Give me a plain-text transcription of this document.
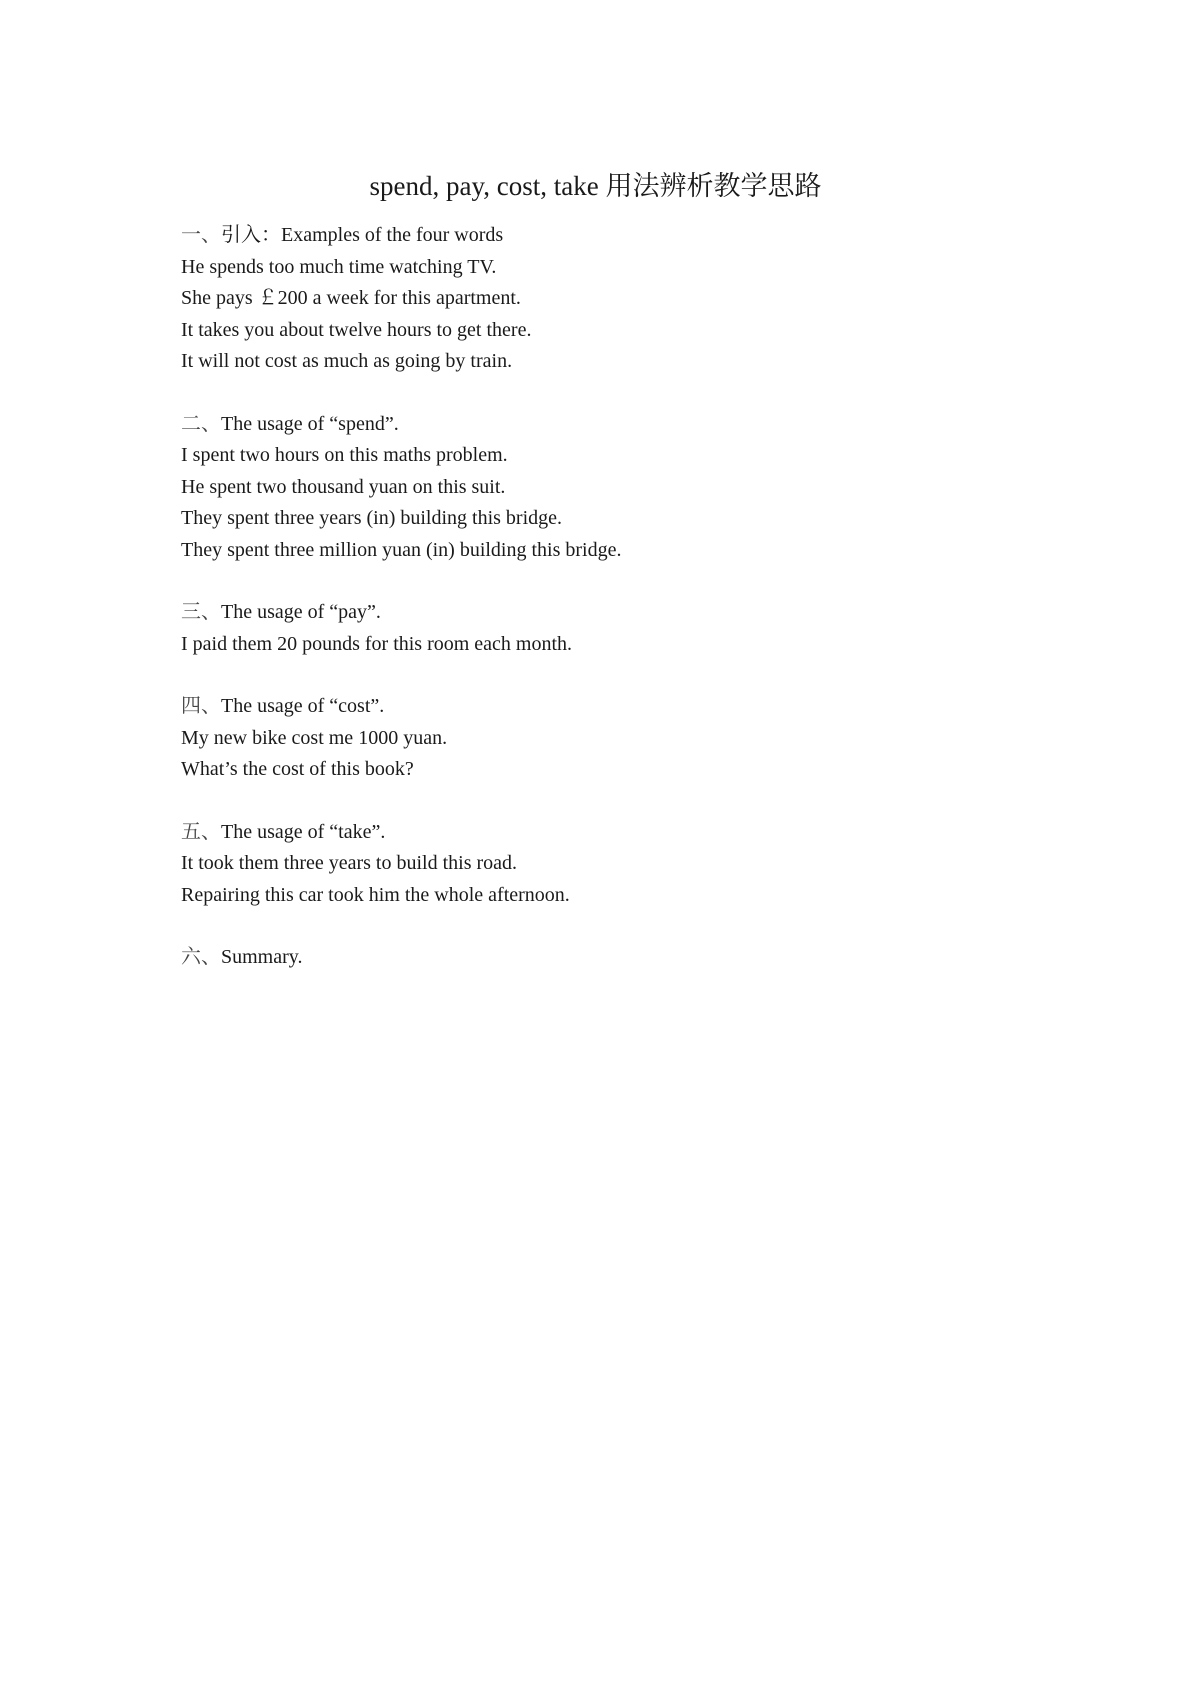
spend, pay, cost, take 用法辨析教学思路
一、引入：Examples of the four words
He spends too much time watching TV.
She pays ￡200 a week for this apartment.
It takes you about twelve hours to get there.
It will not cost as much as going by train.
二、The usage of “spend”.
I spent two hours on this maths problem.
He spent two thousand yuan on this suit.
They spent three years (in) building this bridge.
They spent three million yuan (in) building this bridge.
三、The usage of “pay”.
I paid them 20 pounds for this room each month.
四、The usage of “cost”.
My new bike cost me 1000 yuan.
What’s the cost of this book?
五、The usage of “take”.
It took them three years to build this road.
Repairing this car took him the whole afternoon.
六、Summary.
